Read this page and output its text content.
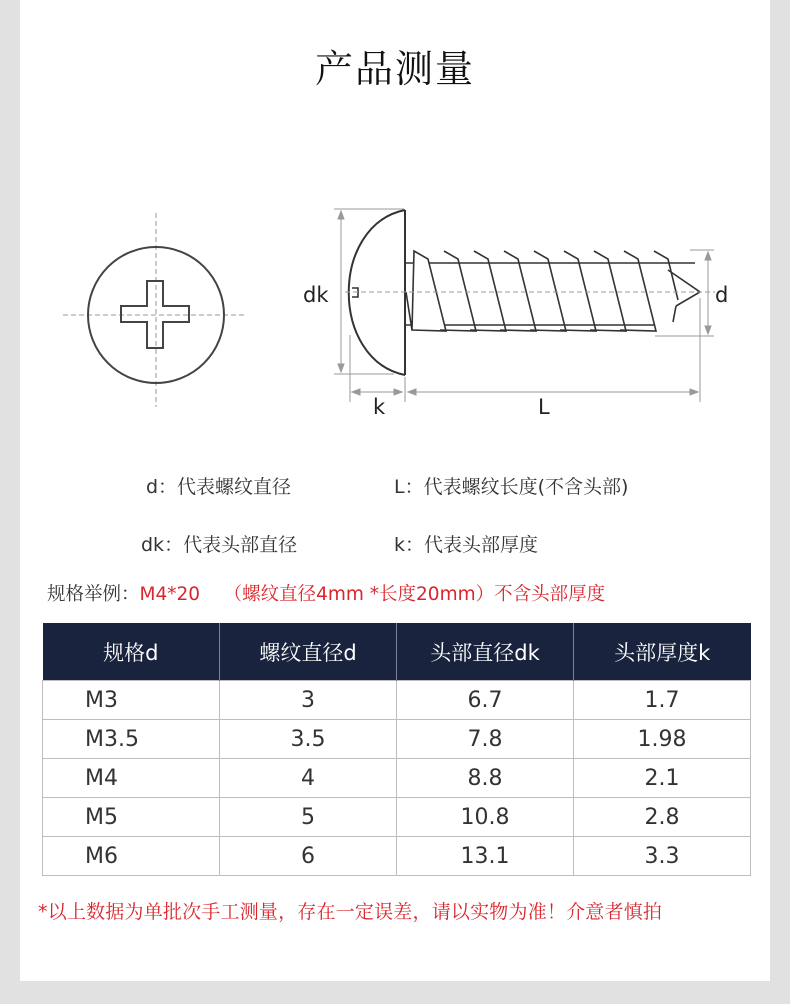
产品测量
dk	d
k	L
d：代表螺纹直径	L：代表螺纹长度(不含头部)
dk：代表头部直径	k：代表头部厚度
规格举例：M4*20 （螺纹直径4mm *长度20mm）不含头部厚度
规格d	螺纹直径d	头部直径dk	头部厚度k
M3	3	6.7	1.7
M3.5	3.5	7.8	1.98
M4	4	8.8	2.1
M5	5	10.8	2.8
M6	6	13.1	3.3
*以上数据为单批次手工测量，存在一定误差，请以实物为准！介意者慎拍
